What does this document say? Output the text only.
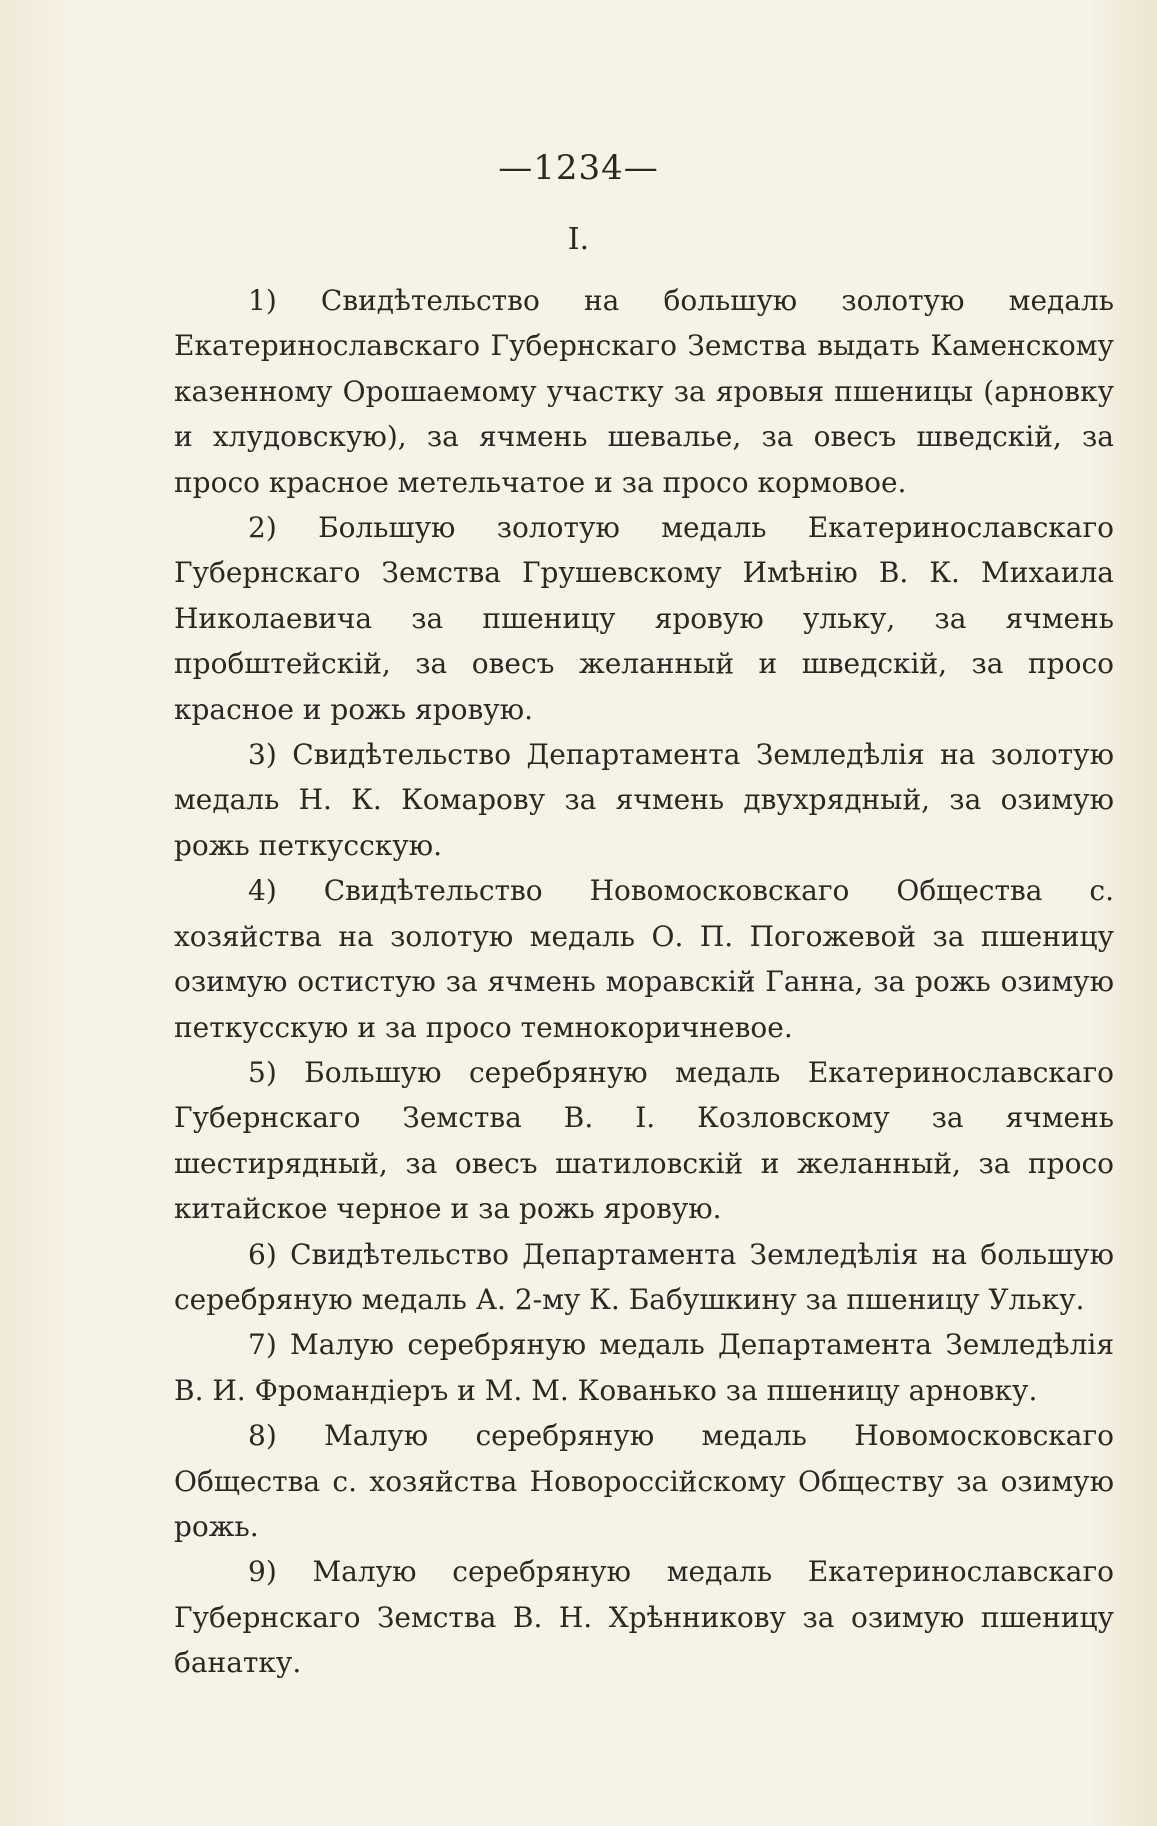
—1234—
I.

1) Свидѣтельство на большую золотую медаль Екатеринославскаго Губернскаго Земства выдать Каменскому казенному Орошаемому участку за яровыя пшеницы (арновку и хлудовскую), за ячмень шевалье, за овесъ шведскій, за просо красное метельчатое и за просо кормовое.

2) Большую золотую медаль Екатеринославскаго Губернскаго Земства Грушевскому Имѣнію В. К. Михаила Николаевича за пшеницу яровую ульку, за ячмень пробштейскій, за овесъ желанный и шведскій, за просо красное и рожь яровую.

3) Свидѣтельство Департамента Земледѣлія на золотую медаль Н. К. Комарову за ячмень двухрядный, за озимую рожь петкусскую.

4) Свидѣтельство Новомосковскаго Общества с. хозяйства на золотую медаль О. П. Погожевой за пшеницу озимую остистую за ячмень моравскій Ганна, за рожь озимую петкусскую и за просо темнокоричневое.

5) Большую серебряную медаль Екатеринославскаго Губернскаго Земства В. І. Козловскому за ячмень шестирядный, за овесъ шатиловскій и желанный, за просо китайское черное и за рожь яровую.

6) Свидѣтельство Департамента Земледѣлія на большую серебряную медаль А. 2-му К. Бабушкину за пшеницу Ульку.

7) Малую серебряную медаль Департамента Земледѣлія В. И. Фромандіеръ и М. М. Кованько за пшеницу арновку.

8) Малую серебряную медаль Новомосковскаго Общества с. хозяйства Новороссійскому Обществу за озимую рожь.

9) Малую серебряную медаль Екатеринославскаго Губернскаго Земства В. Н. Хрѣнникову за озимую пшеницу банатку.
